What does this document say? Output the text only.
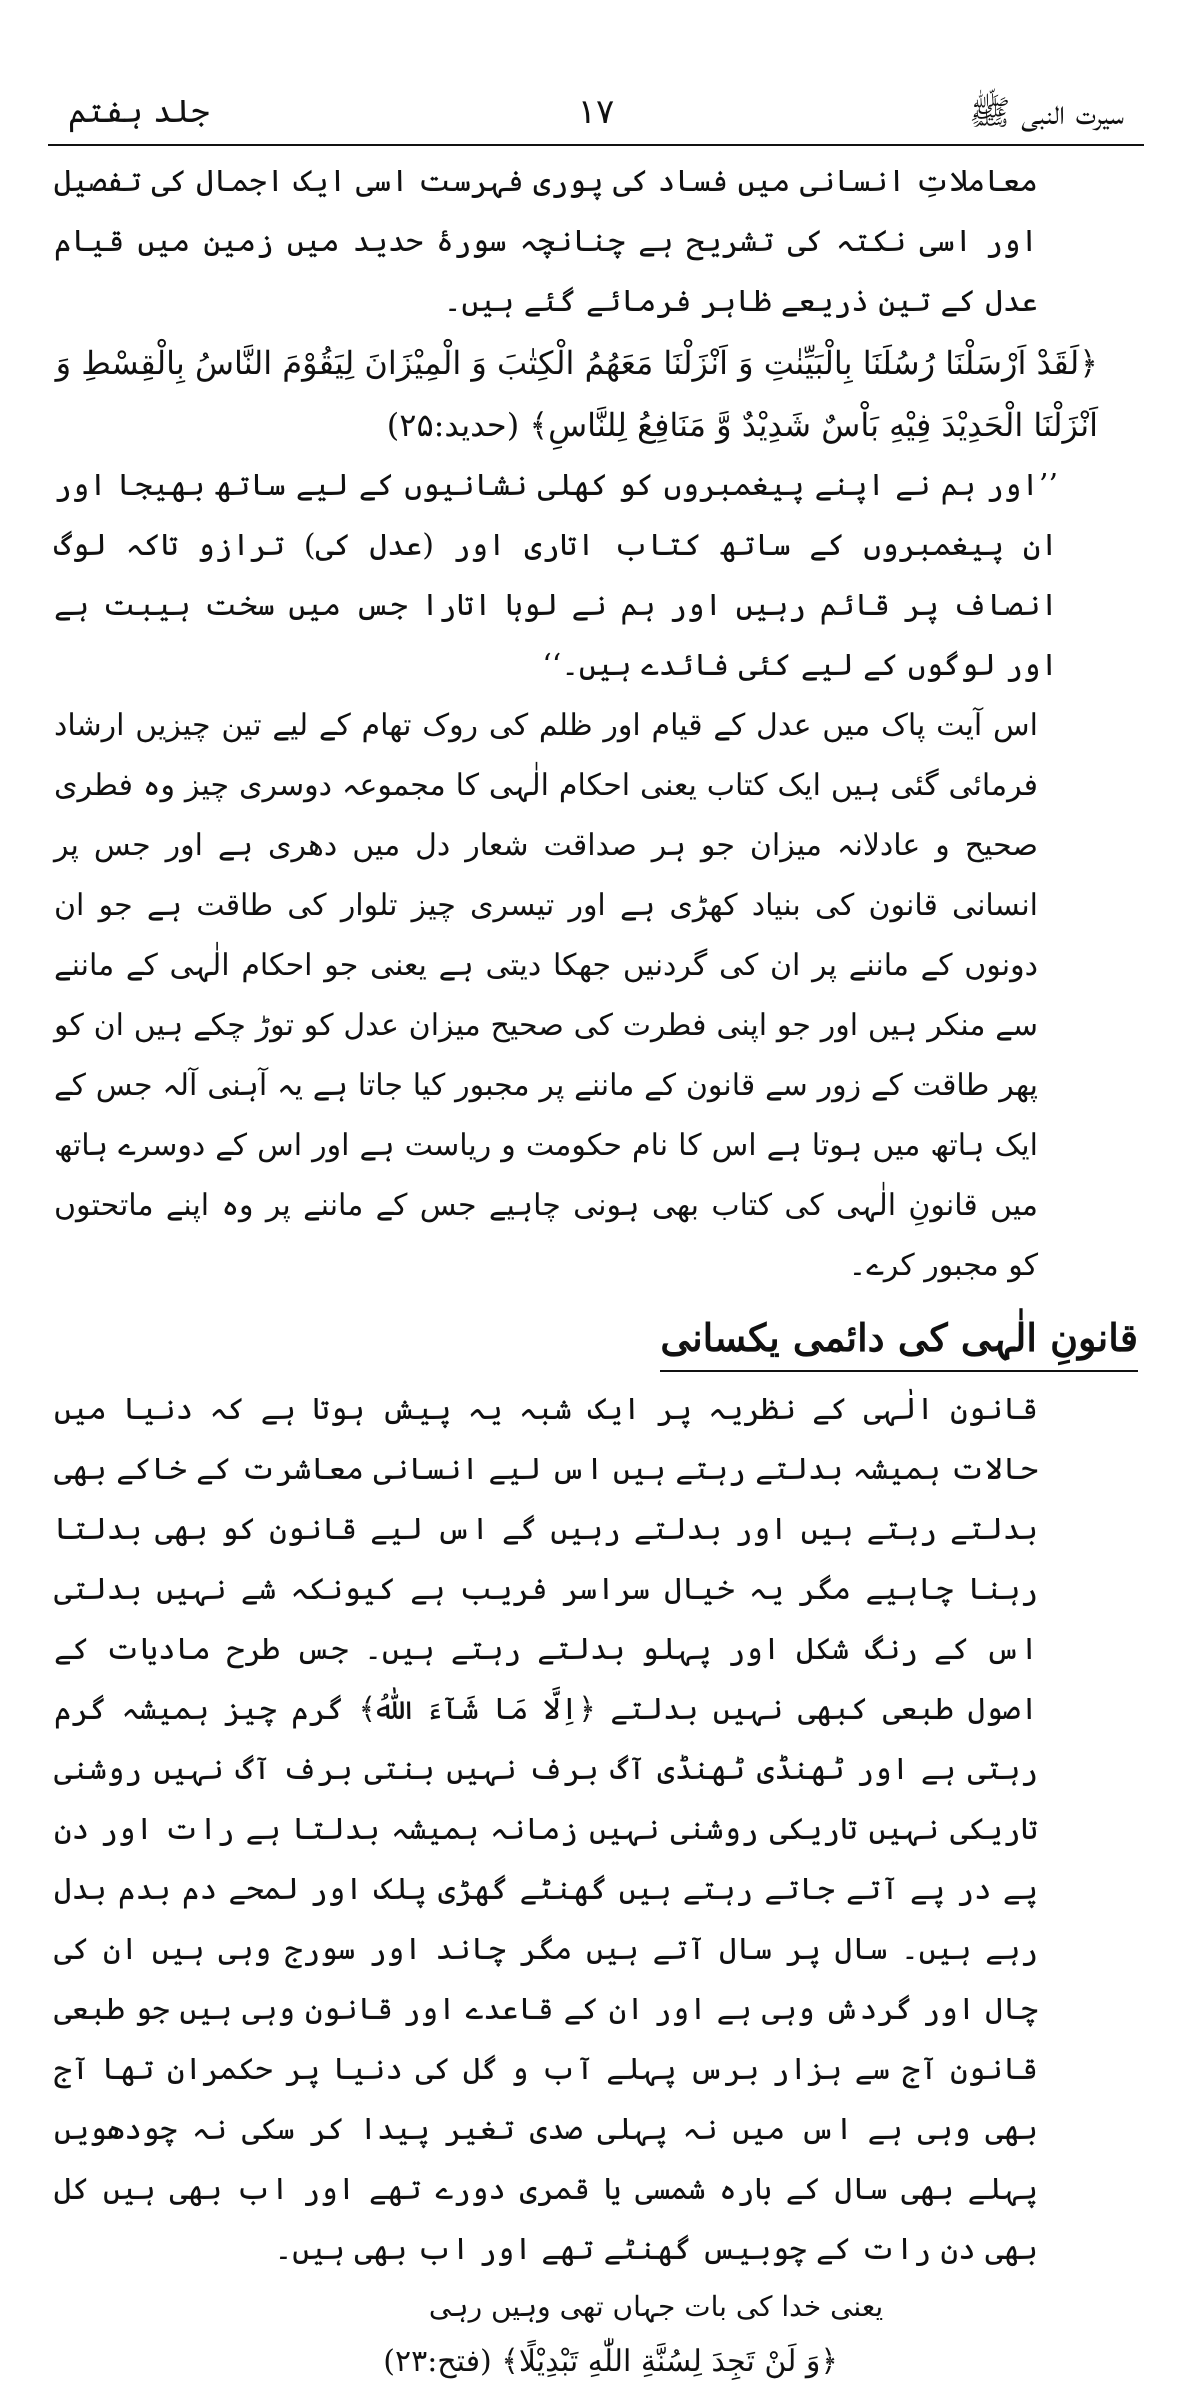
سیرت النبی ﷺ
۱۷
جلد ہفتم

معاملاتِ انسانی میں فساد کی پوری فہرست اسی ایک اجمال کی تفصیل اور اسی نکتہ کی تشریح ہے چنانچہ سورۂ حدید میں زمین میں قیام عدل کے تین ذریعے ظاہر فرمائے گئے ہیں۔

﴿لَقَدْ اَرْسَلْنَا رُسُلَنَا بِالْبَيِّنٰتِ وَ اَنْزَلْنَا مَعَهُمُ الْكِتٰبَ وَ الْمِيْزَانَ لِيَقُوْمَ النَّاسُ بِالْقِسْطِ وَ اَنْزَلْنَا الْحَدِيْدَ فِيْهِ بَاْسٌ شَدِيْدٌ وَّ مَنَافِعُ لِلنَّاسِ﴾ (حدید:۲۵)

’’اور ہم نے اپنے پیغمبروں کو کھلی نشانیوں کے لیے ساتھ بھیجا اور ان پیغمبروں کے ساتھ کتاب اتاری اور (عدل کی) ترازو تاکہ لوگ انصاف پر قائم رہیں اور ہم نے لوہا اتارا جس میں سخت ہیبت ہے اور لوگوں کے لیے کئی فائدے ہیں۔‘‘

اس آیت پاک میں عدل کے قیام اور ظلم کی روک تھام کے لیے تین چیزیں ارشاد فرمائی گئی ہیں ایک کتاب یعنی احکام الٰہی کا مجموعہ دوسری چیز وہ فطری صحیح و عادلانہ میزان جو ہر صداقت شعار دل میں دھری ہے اور جس پر انسانی قانون کی بنیاد کھڑی ہے اور تیسری چیز تلوار کی طاقت ہے جو ان دونوں کے ماننے پر ان کی گردنیں جھکا دیتی ہے یعنی جو احکام الٰہی کے ماننے سے منکر ہیں اور جو اپنی فطرت کی صحیح میزان عدل کو توڑ چکے ہیں ان کو پھر طاقت کے زور سے قانون کے ماننے پر مجبور کیا جاتا ہے یہ آہنی آلہ جس کے ایک ہاتھ میں ہوتا ہے اس کا نام حکومت و ریاست ہے اور اس کے دوسرے ہاتھ میں قانونِ الٰہی کی کتاب بھی ہونی چاہیے جس کے ماننے پر وہ اپنے ماتحتوں کو مجبور کرے۔

قانونِ الٰہی کی دائمی یکسانی

قانونِ الٰہی کے نظریہ پر ایک شبہ یہ پیش ہوتا ہے کہ دنیا میں حالات ہمیشہ بدلتے رہتے ہیں اس لیے انسانی معاشرت کے خاکے بھی بدلتے رہتے ہیں اور بدلتے رہیں گے اس لیے قانون کو بھی بدلتا رہنا چاہیے مگر یہ خیال سراسر فریب ہے کیونکہ شے نہیں بدلتی اس کے رنگ شکل اور پہلو بدلتے رہتے ہیں۔ جس طرح مادیات کے اصول طبعی کبھی نہیں بدلتے ﴿اِلَّا مَا شَآءَ اللّٰهُ﴾ گرم چیز ہمیشہ گرم رہتی ہے اور ٹھنڈی ٹھنڈی آگ برف نہیں بنتی برف آگ نہیں روشنی تاریکی نہیں تاریکی روشنی نہیں زمانہ ہمیشہ بدلتا ہے رات اور دن پے در پے آتے جاتے رہتے ہیں گھنٹے گھڑی پلک اور لمحے دم بدم بدل رہے ہیں۔ سال پر سال آتے ہیں مگر چاند اور سورج وہی ہیں ان کی چال اور گردش وہی ہے اور ان کے قاعدے اور قانون وہی ہیں جو طبعی قانون آج سے ہزار برس پہلے آب و گل کی دنیا پر حکمران تھا آج بھی وہی ہے اس میں نہ پہلی صدی تغیر پیدا کر سکی نہ چودھویں پہلے بھی سال کے بارہ شمسی یا قمری دورے تھے اور اب بھی ہیں کل بھی دن رات کے چوبیس گھنٹے تھے اور اب بھی ہیں۔

یعنی خدا کی بات جہاں تھی وہیں رہی

﴿وَ لَنْ تَجِدَ لِسُنَّةِ اللّٰهِ تَبْدِيْلًا﴾ (فتح:۲۳)
